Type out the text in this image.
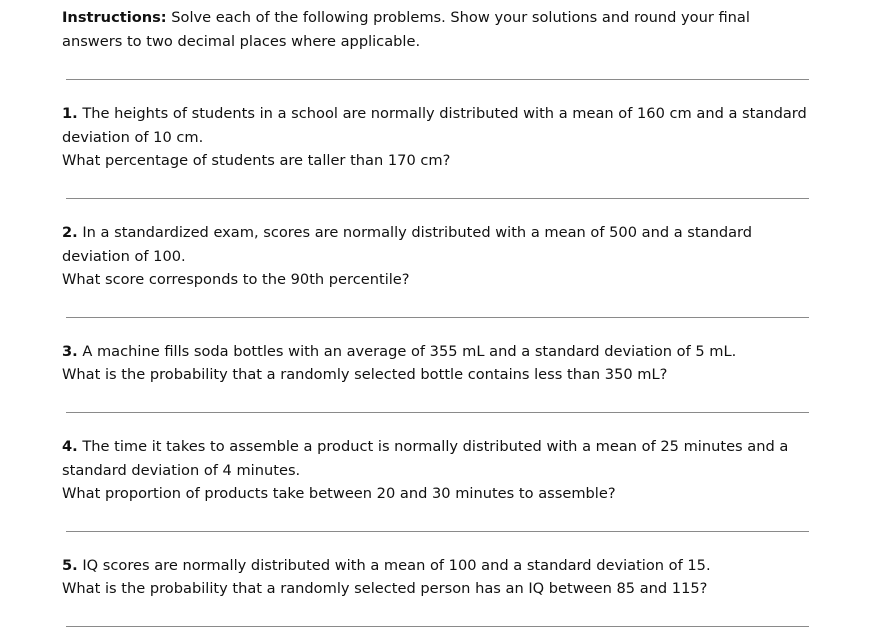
Instructions: Solve each of the following problems. Show your solutions and round your final answers to two decimal places where applicable.

1. The heights of students in a school are normally distributed with a mean of 160 cm and a standard deviation of 10 cm.

What percentage of students are taller than 170 cm?

2. In a standardized exam, scores are normally distributed with a mean of 500 and a standard deviation of 100.

What score corresponds to the 90th percentile?

3. A machine fills soda bottles with an average of 355 mL and a standard deviation of 5 mL.

What is the probability that a randomly selected bottle contains less than 350 mL?

4. The time it takes to assemble a product is normally distributed with a mean of 25 minutes and a standard deviation of 4 minutes.

What proportion of products take between 20 and 30 minutes to assemble?

5. IQ scores are normally distributed with a mean of 100 and a standard deviation of 15.

What is the probability that a randomly selected person has an IQ between 85 and 115?
